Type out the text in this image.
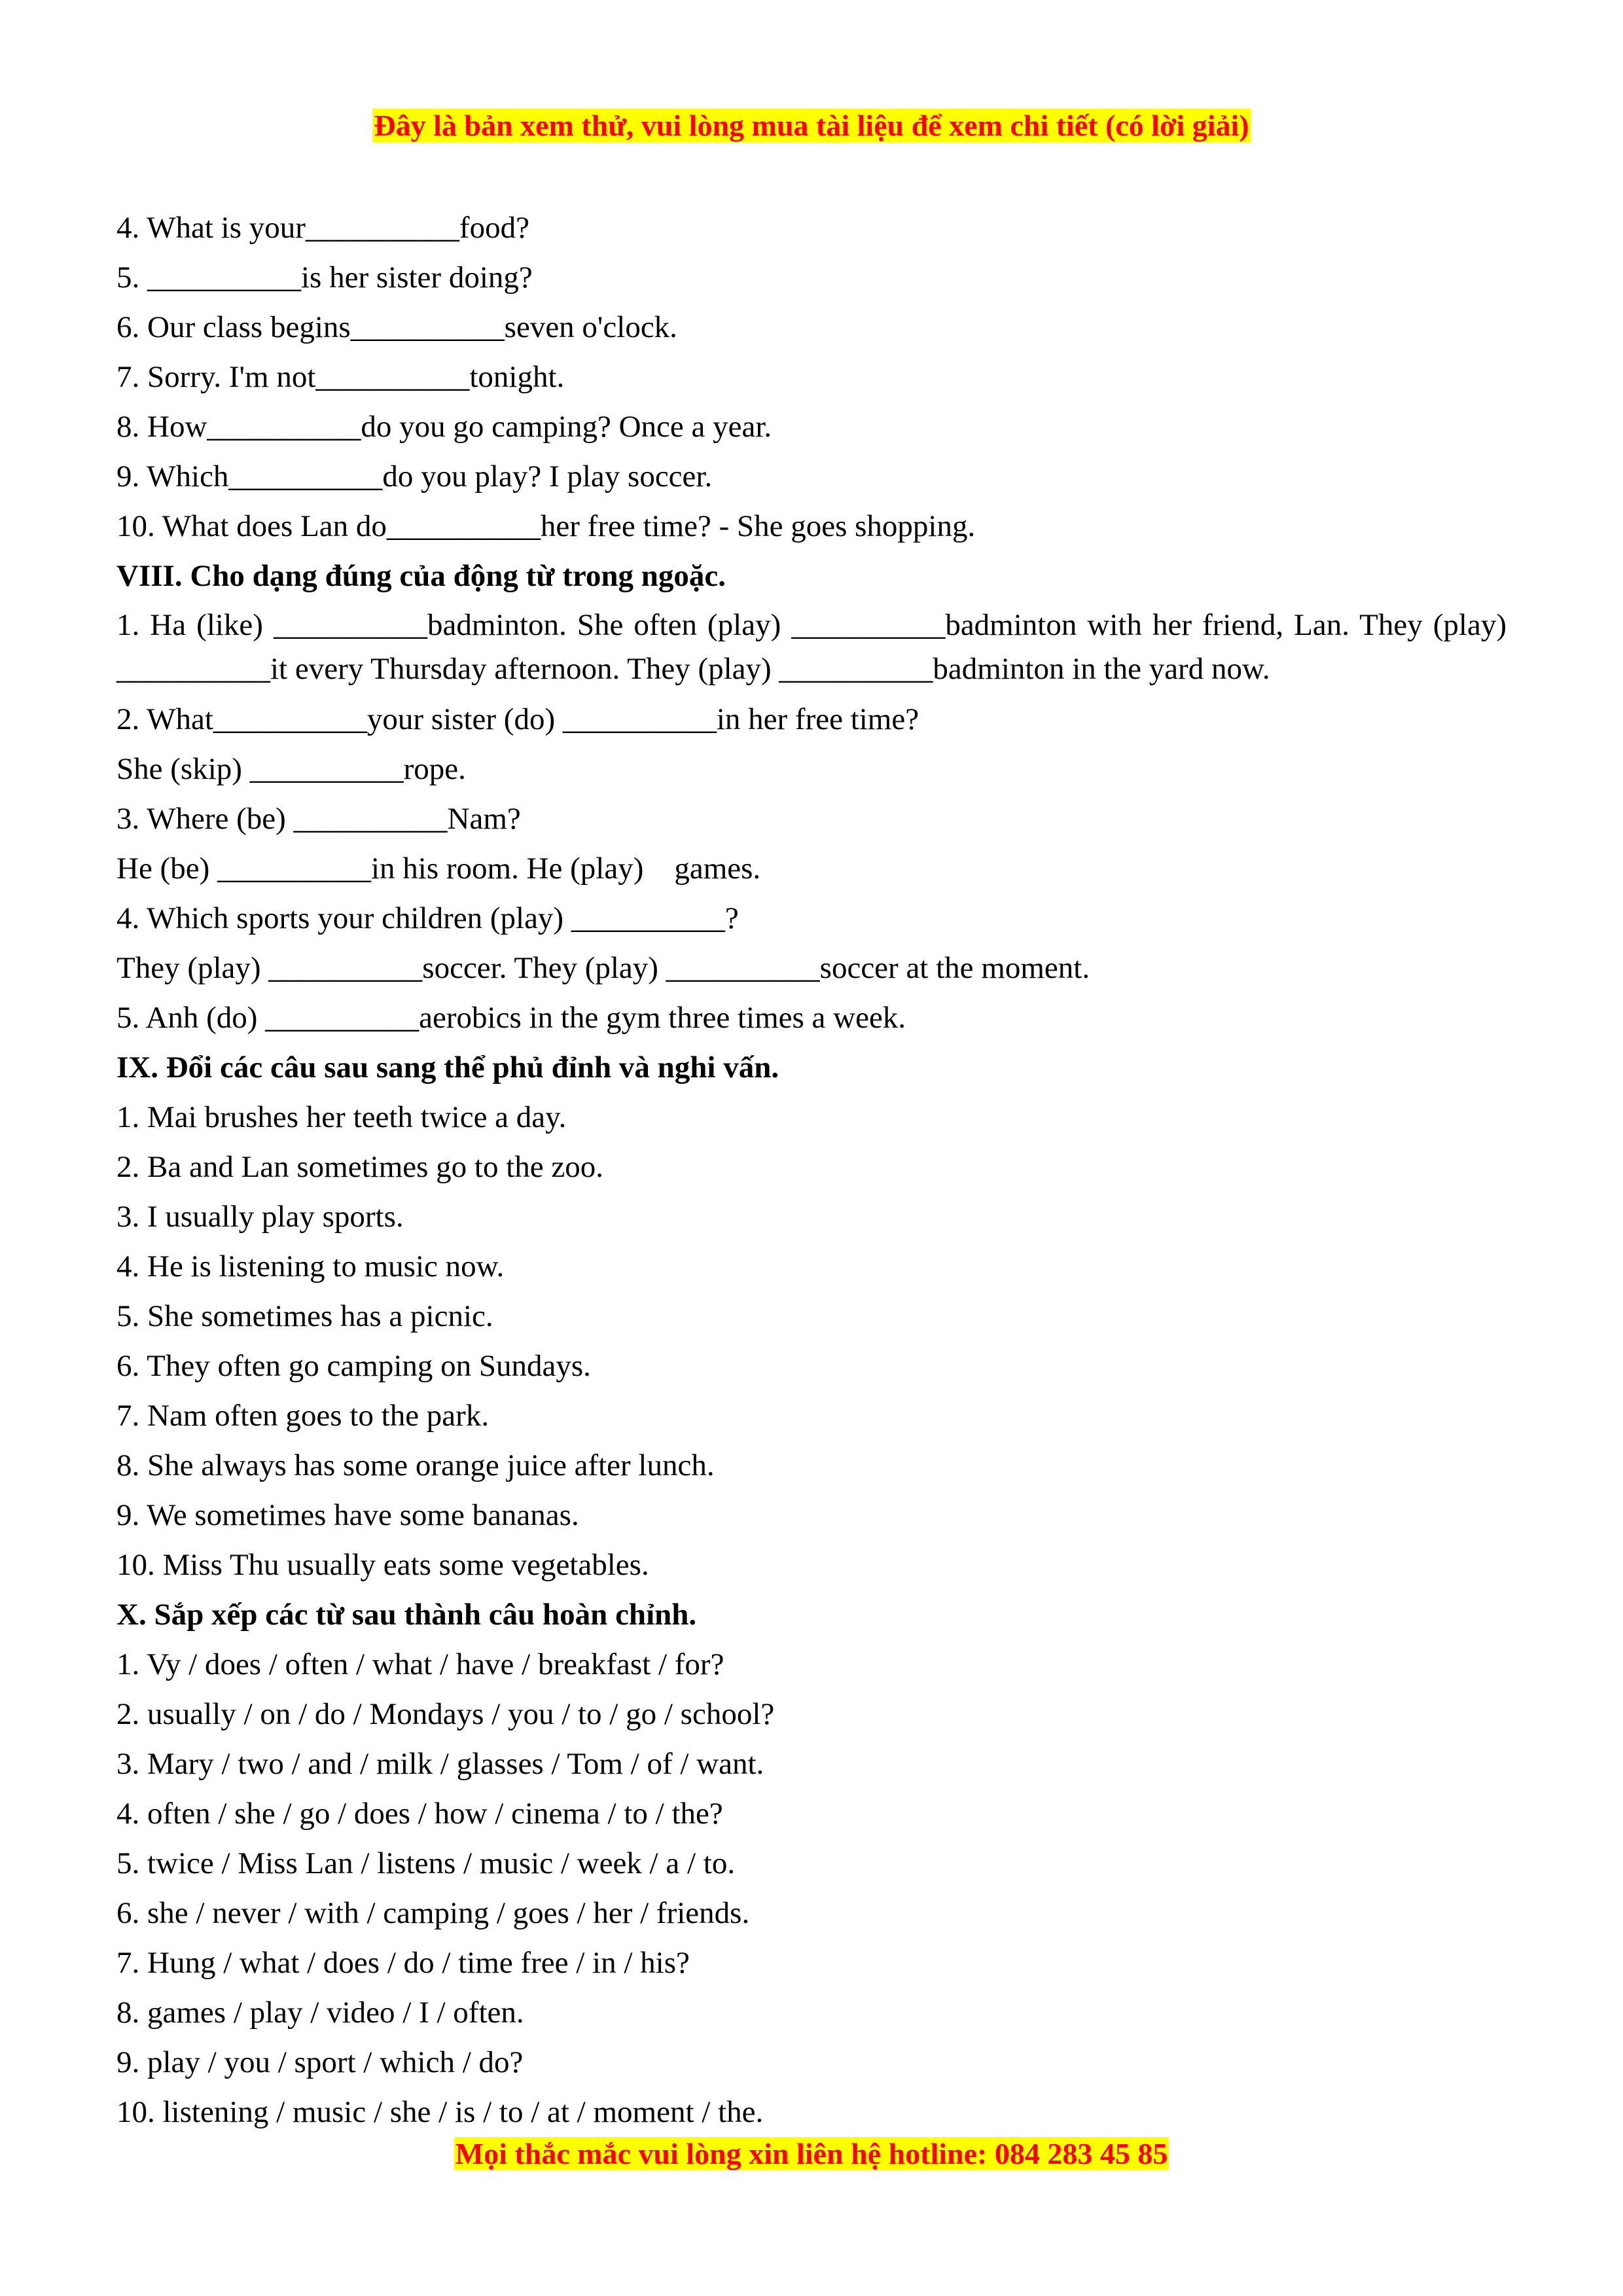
Đây là bản xem thử, vui lòng mua tài liệu để xem chi tiết (có lời giải)
4. What is your__________food?
5. __________is her sister doing?
6. Our class begins__________seven o'clock.
7. Sorry. I'm not__________tonight.
8. How__________do you go camping? Once a year.
9. Which__________do you play? I play soccer.
10. What does Lan do__________her free time? - She goes shopping.
VIII. Cho dạng đúng của động từ trong ngoặc.
1. Ha (like) __________badminton. She often (play) __________badminton with her friend, Lan. They (play) __________it every Thursday afternoon. They (play) __________badminton in the yard now.
2. What__________your sister (do) __________in her free time?
She (skip) __________rope.
3. Where (be) __________Nam?
He (be) __________in his room. He (play)    games.
4. Which sports your children (play) __________?
They (play) __________soccer. They (play) __________soccer at the moment.
5. Anh (do) __________aerobics in the gym three times a week.
IX. Đổi các câu sau sang thể phủ đỉnh và nghi vấn.
1. Mai brushes her teeth twice a day.
2. Ba and Lan sometimes go to the zoo.
3. I usually play sports.
4. He is listening to music now.
5. She sometimes has a picnic.
6. They often go camping on Sundays.
7. Nam often goes to the park.
8. She always has some orange juice after lunch.
9. We sometimes have some bananas.
10. Miss Thu usually eats some vegetables.
X. Sắp xếp các từ sau thành câu hoàn chỉnh.
1. Vy / does / often / what / have / breakfast / for?
2. usually / on / do / Mondays / you / to / go / school?
3. Mary / two / and / milk / glasses / Tom / of / want.
4. often / she / go / does / how / cinema / to / the?
5. twice / Miss Lan / listens / music / week / a / to.
6. she / never / with / camping / goes / her / friends.
7. Hung / what / does / do / time free / in / his?
8. games / play / video / I / often.
9. play / you / sport / which / do?
10. listening / music / she / is / to / at / moment / the.
Mọi thắc mắc vui lòng xin liên hệ hotline: 084 283 45 85
